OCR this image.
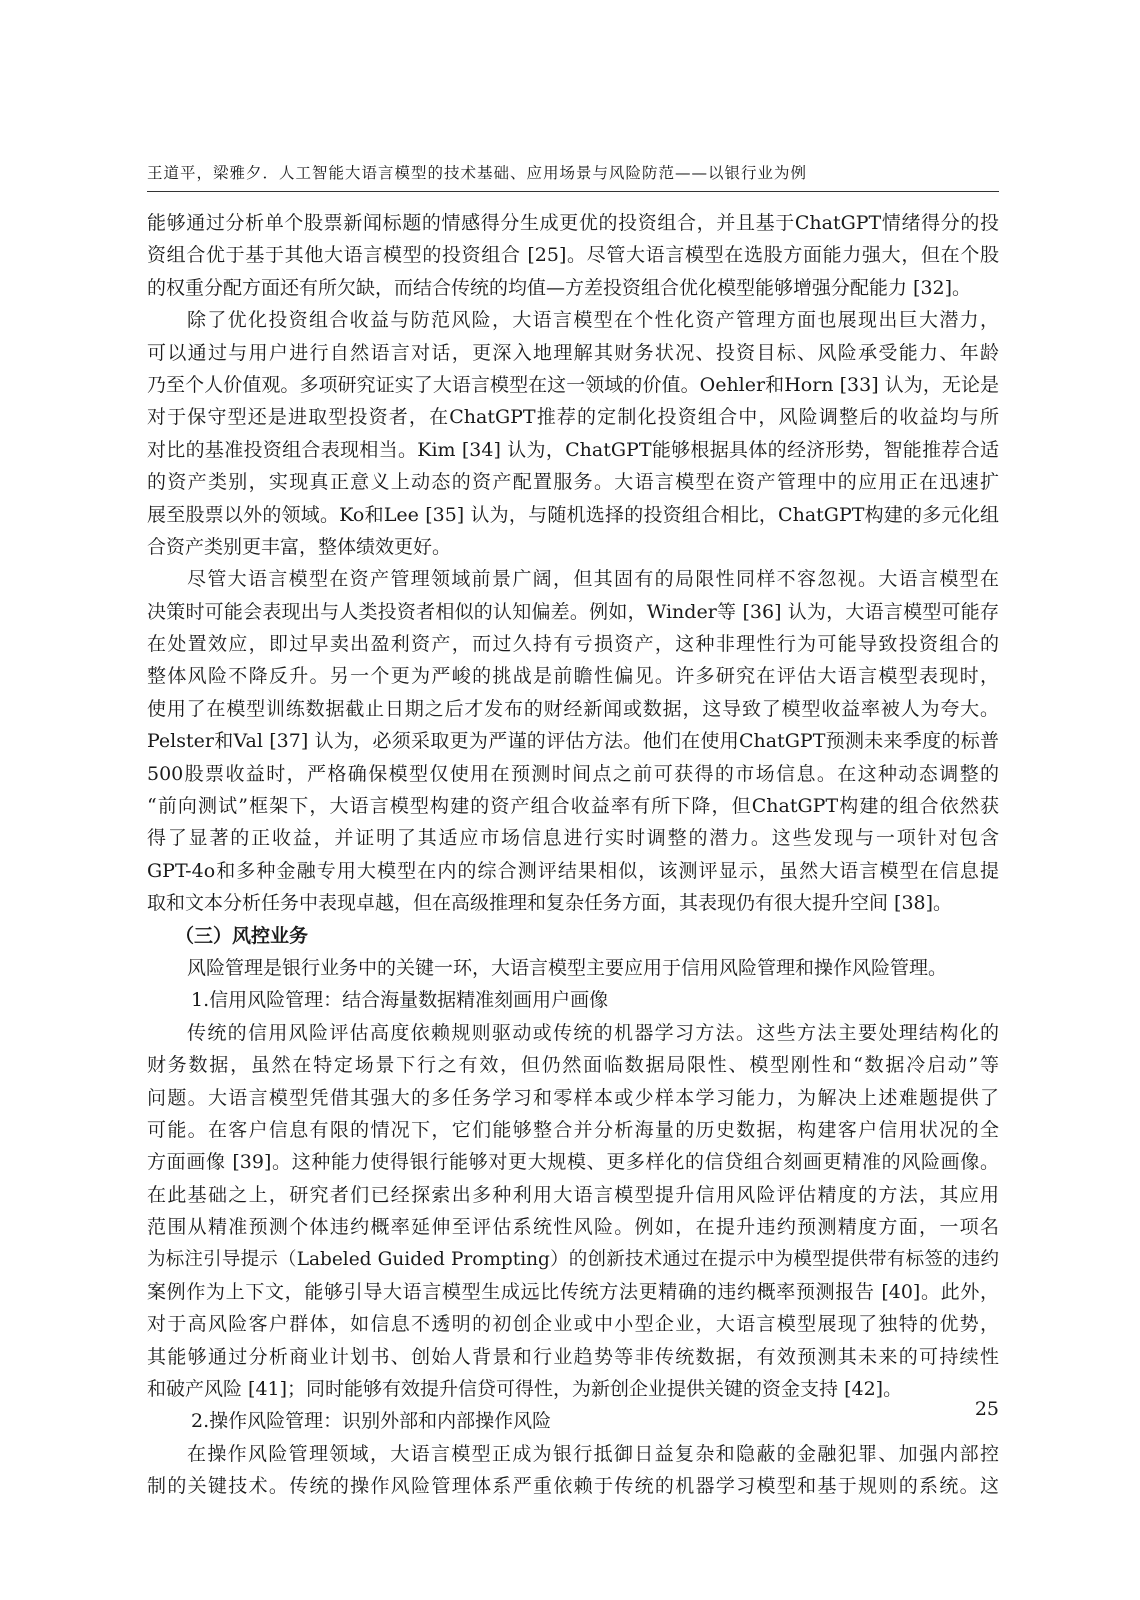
王道平，梁雅夕．人工智能大语言模型的技术基础、应用场景与风险防范——以银行业为例
能够通过分析单个股票新闻标题的情感得分生成更优的投资组合，并且基于ChatGPT情绪得分的投
资组合优于基于其他大语言模型的投资组合 [25]。尽管大语言模型在选股方面能力强大，但在个股
的权重分配方面还有所欠缺，而结合传统的均值—方差投资组合优化模型能够增强分配能力 [32]。
除了优化投资组合收益与防范风险，大语言模型在个性化资产管理方面也展现出巨大潜力，
可以通过与用户进行自然语言对话，更深入地理解其财务状况、投资目标、风险承受能力、年龄
乃至个人价值观。多项研究证实了大语言模型在这一领域的价值。Oehler和Horn [33] 认为，无论是
对于保守型还是进取型投资者，在ChatGPT推荐的定制化投资组合中，风险调整后的收益均与所
对比的基准投资组合表现相当。Kim [34] 认为，ChatGPT能够根据具体的经济形势，智能推荐合适
的资产类别，实现真正意义上动态的资产配置服务。大语言模型在资产管理中的应用正在迅速扩
展至股票以外的领域。Ko和Lee [35] 认为，与随机选择的投资组合相比，ChatGPT构建的多元化组
合资产类别更丰富，整体绩效更好。
尽管大语言模型在资产管理领域前景广阔，但其固有的局限性同样不容忽视。大语言模型在
决策时可能会表现出与人类投资者相似的认知偏差。例如，Winder等 [36] 认为，大语言模型可能存
在处置效应，即过早卖出盈利资产，而过久持有亏损资产，这种非理性行为可能导致投资组合的
整体风险不降反升。另一个更为严峻的挑战是前瞻性偏见。许多研究在评估大语言模型表现时，
使用了在模型训练数据截止日期之后才发布的财经新闻或数据，这导致了模型收益率被人为夸大。
Pelster和Val [37] 认为，必须采取更为严谨的评估方法。他们在使用ChatGPT预测未来季度的标普
500股票收益时，严格确保模型仅使用在预测时间点之前可获得的市场信息。在这种动态调整的
“前向测试”框架下，大语言模型构建的资产组合收益率有所下降，但ChatGPT构建的组合依然获
得了显著的正收益，并证明了其适应市场信息进行实时调整的潜力。这些发现与一项针对包含
GPT-4o和多种金融专用大模型在内的综合测评结果相似，该测评显示，虽然大语言模型在信息提
取和文本分析任务中表现卓越，但在高级推理和复杂任务方面，其表现仍有很大提升空间 [38]。
（三）风控业务
风险管理是银行业务中的关键一环，大语言模型主要应用于信用风险管理和操作风险管理。
1.信用风险管理：结合海量数据精准刻画用户画像
传统的信用风险评估高度依赖规则驱动或传统的机器学习方法。这些方法主要处理结构化的
财务数据，虽然在特定场景下行之有效，但仍然面临数据局限性、模型刚性和“数据冷启动”等
问题。大语言模型凭借其强大的多任务学习和零样本或少样本学习能力，为解决上述难题提供了
可能。在客户信息有限的情况下，它们能够整合并分析海量的历史数据，构建客户信用状况的全
方面画像 [39]。这种能力使得银行能够对更大规模、更多样化的信贷组合刻画更精准的风险画像。
在此基础之上，研究者们已经探索出多种利用大语言模型提升信用风险评估精度的方法，其应用
范围从精准预测个体违约概率延伸至评估系统性风险。例如，在提升违约预测精度方面，一项名
为标注引导提示（Labeled Guided Prompting）的创新技术通过在提示中为模型提供带有标签的违约
案例作为上下文，能够引导大语言模型生成远比传统方法更精确的违约概率预测报告 [40]。此外，
对于高风险客户群体，如信息不透明的初创企业或中小型企业，大语言模型展现了独特的优势，
其能够通过分析商业计划书、创始人背景和行业趋势等非传统数据，有效预测其未来的可持续性
和破产风险 [41]；同时能够有效提升信贷可得性，为新创企业提供关键的资金支持 [42]。
2.操作风险管理：识别外部和内部操作风险
在操作风险管理领域，大语言模型正成为银行抵御日益复杂和隐蔽的金融犯罪、加强内部控
制的关键技术。传统的操作风险管理体系严重依赖于传统的机器学习模型和基于规则的系统。这
25
